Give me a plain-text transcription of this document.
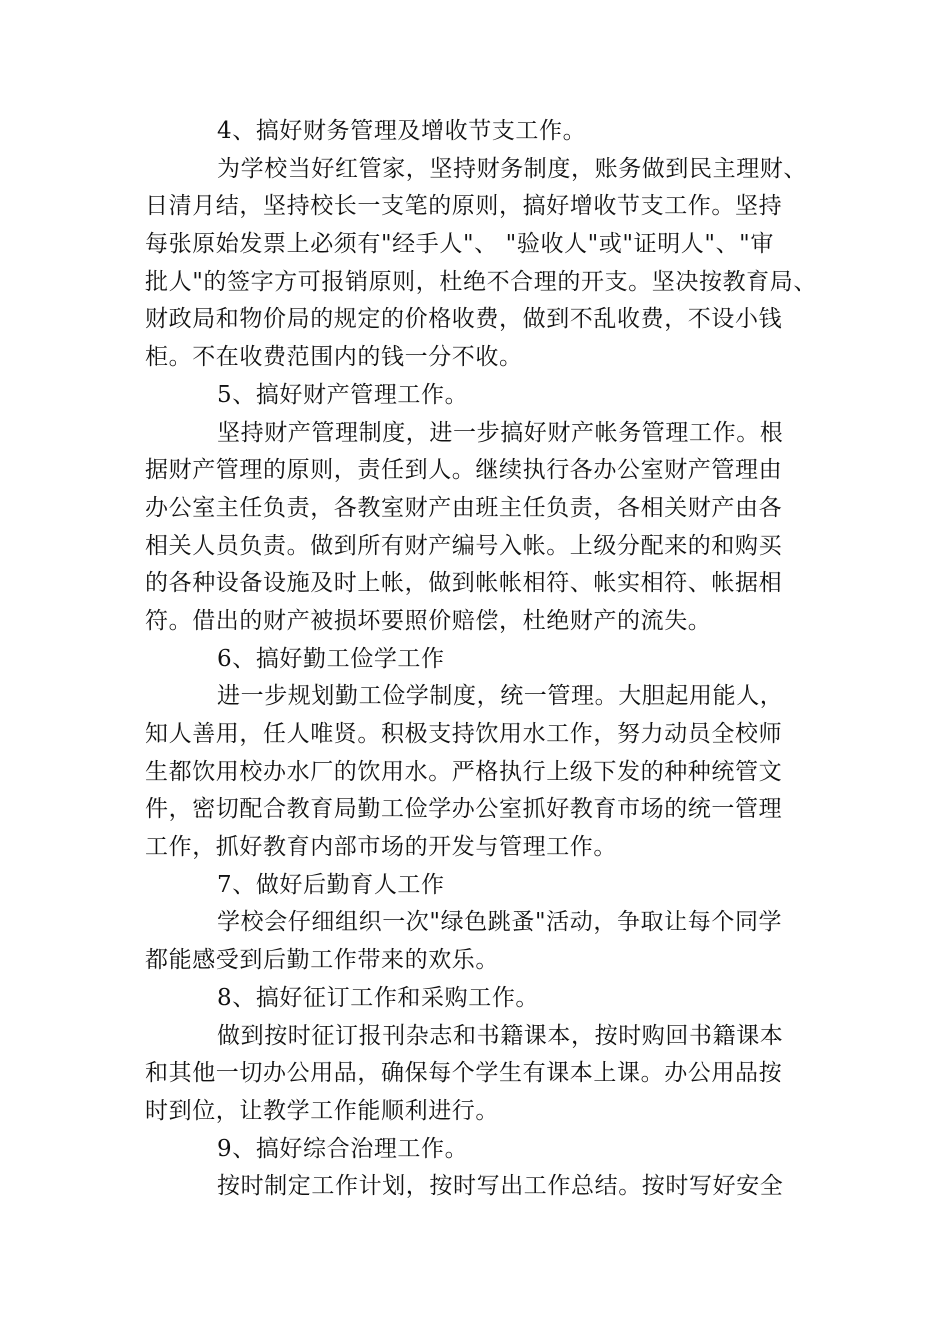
4、搞好财务管理及增收节支工作。
为学校当好红管家，坚持财务制度，账务做到民主理财、
日清月结，坚持校长一支笔的原则，搞好增收节支工作。坚持
每张原始发票上必须有"经手人"、 "验收人"或"证明人"、"审
批人"的签字方可报销原则，杜绝不合理的开支。坚决按教育局、
财政局和物价局的规定的价格收费，做到不乱收费，不设小钱
柜。不在收费范围内的钱一分不收。
5、搞好财产管理工作。
坚持财产管理制度，进一步搞好财产帐务管理工作。根
据财产管理的原则，责任到人。继续执行各办公室财产管理由
办公室主任负责，各教室财产由班主任负责，各相关财产由各
相关人员负责。做到所有财产编号入帐。上级分配来的和购买
的各种设备设施及时上帐，做到帐帐相符、帐实相符、帐据相
符。借出的财产被损坏要照价赔偿，杜绝财产的流失。
6、搞好勤工俭学工作
进一步规划勤工俭学制度，统一管理。大胆起用能人，
知人善用，任人唯贤。积极支持饮用水工作，努力动员全校师
生都饮用校办水厂的饮用水。严格执行上级下发的种种统管文
件，密切配合教育局勤工俭学办公室抓好教育市场的统一管理
工作，抓好教育内部市场的开发与管理工作。
7、做好后勤育人工作
学校会仔细组织一次"绿色跳蚤"活动，争取让每个同学
都能感受到后勤工作带来的欢乐。
8、搞好征订工作和采购工作。
做到按时征订报刊杂志和书籍课本，按时购回书籍课本
和其他一切办公用品，确保每个学生有课本上课。办公用品按
时到位，让教学工作能顺利进行。
9、搞好综合治理工作。
按时制定工作计划，按时写出工作总结。按时写好安全
